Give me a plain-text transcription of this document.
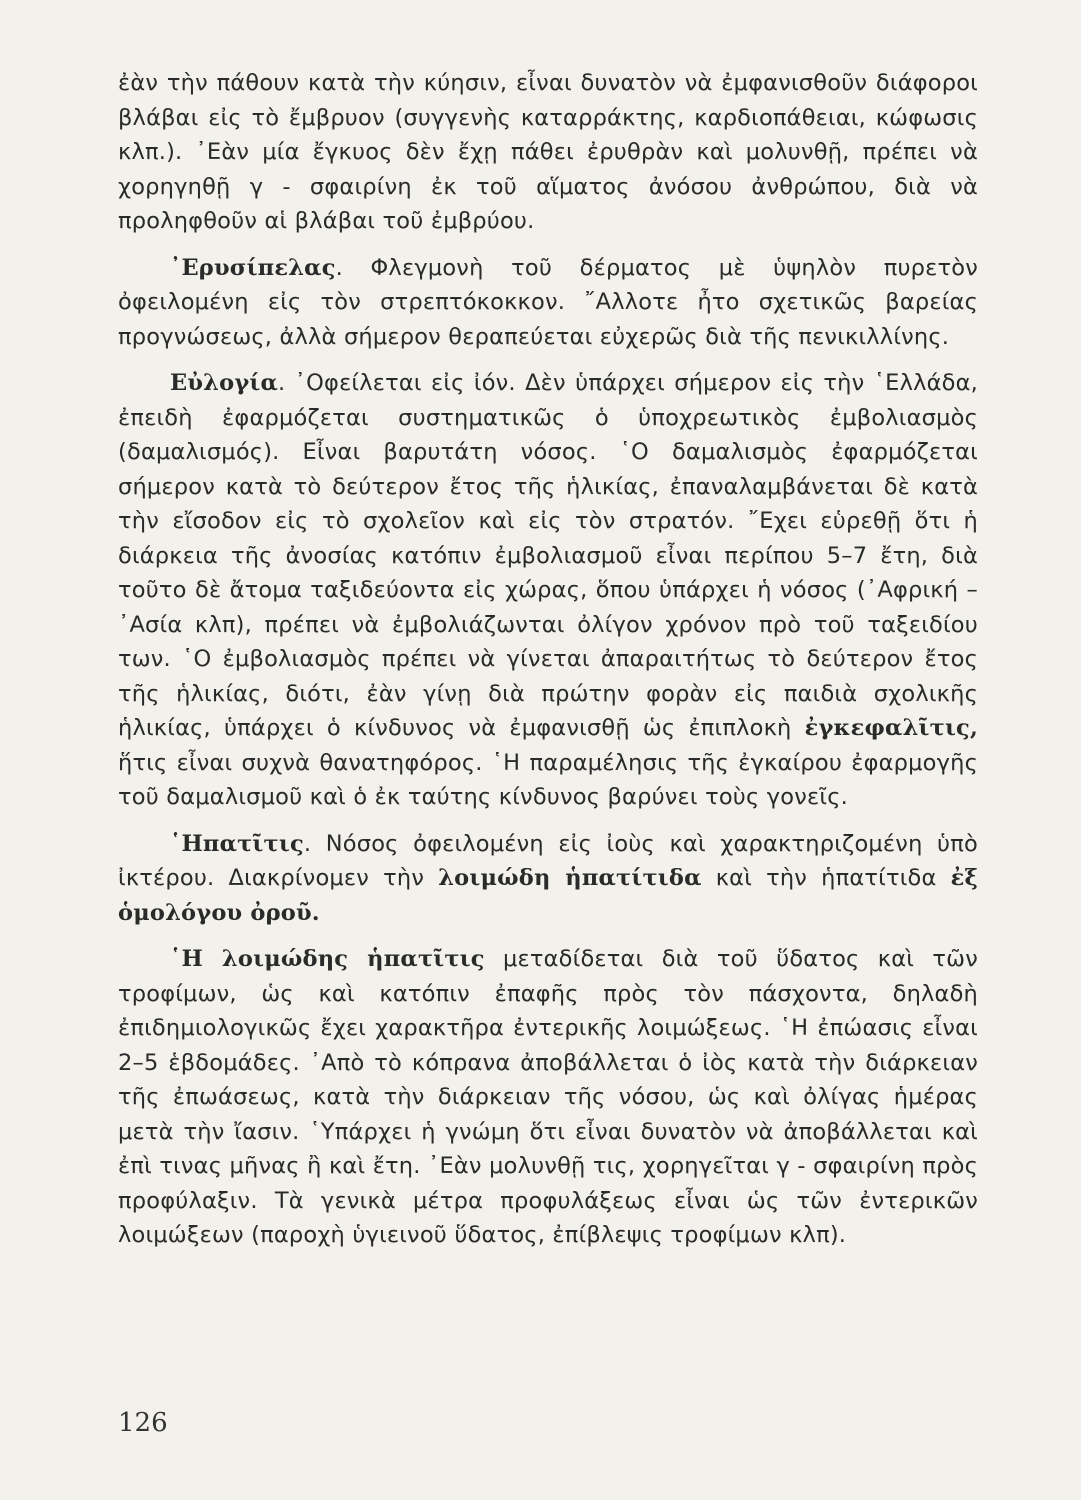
ἐὰν τὴν πάθουν κατὰ τὴν κύησιν, εἶναι δυνατὸν νὰ ἐμφανισθοῦν διάφοροι βλάβαι εἰς τὸ ἔμβρυον (συγγενὴς καταρράκτης, καρδιοπάθειαι, κώφωσις κλπ.). ᾿Εὰν μία ἔγκυος δὲν ἔχῃ πάθει ἐρυθρὰν καὶ μολυνθῇ, πρέπει νὰ χορηγηθῇ γ - σφαιρίνη ἐκ τοῦ αἵματος ἀνόσου ἀνθρώπου, διὰ νὰ προληφθοῦν αἱ βλάβαι τοῦ ἐμβρύου.

᾿Ερυσίπελας. Φλεγμονὴ τοῦ δέρματος μὲ ὑψηλὸν πυρετὸν ὀφειλομένη εἰς τὸν στρεπτόκοκκον. ῎Αλλοτε ἦτο σχετικῶς βαρείας προγνώσεως, ἀλλὰ σήμερον θεραπεύεται εὐχερῶς διὰ τῆς πενικιλλίνης.

Εὐλογία. ᾿Οφείλεται εἰς ἰόν. Δὲν ὑπάρχει σήμερον εἰς τὴν ῾Ελλάδα, ἐπειδὴ ἐφαρμόζεται συστηματικῶς ὁ ὑποχρεωτικὸς ἐμβολιασμὸς (δαμαλισμός). Εἶναι βαρυτάτη νόσος. ῾Ο δαμαλισμὸς ἐφαρμόζεται σήμερον κατὰ τὸ δεύτερον ἔτος τῆς ἡλικίας, ἐπαναλαμβάνεται δὲ κατὰ τὴν εἴσοδον εἰς τὸ σχολεῖον καὶ εἰς τὸν στρατόν. ῎Εχει εὑρεθῇ ὅτι ἡ διάρκεια τῆς ἀνοσίας κατόπιν ἐμβολιασμοῦ εἶναι περίπου 5–7 ἔτη, διὰ τοῦτο δὲ ἄτομα ταξιδεύοντα εἰς χώρας, ὅπου ὑπάρχει ἡ νόσος (᾿Αφρική – ᾿Ασία κλπ), πρέπει νὰ ἐμβολιάζωνται ὀλίγον χρόνον πρὸ τοῦ ταξειδίου των. ῾Ο ἐμβολιασμὸς πρέπει νὰ γίνεται ἀπαραιτήτως τὸ δεύτερον ἔτος τῆς ἡλικίας, διότι, ἐὰν γίνῃ διὰ πρώτην φορὰν εἰς παιδιὰ σχολικῆς ἡλικίας, ὑπάρχει ὁ κίνδυνος νὰ ἐμφανισθῇ ὡς ἐπιπλοκὴ ἐγκεφαλῖτις, ἥτις εἶναι συχνὰ θανατηφόρος. ῾Η παραμέλησις τῆς ἐγκαίρου ἐφαρμογῆς τοῦ δαμαλισμοῦ καὶ ὁ ἐκ ταύτης κίνδυνος βαρύνει τοὺς γονεῖς.

῾Ηπατῖτις. Νόσος ὀφειλομένη εἰς ἰοὺς καὶ χαρακτηριζομένη ὑπὸ ἰκτέρου. Διακρίνομεν τὴν λοιμώδη ἡπατίτιδα καὶ τὴν ἡπατίτιδα ἐξ ὁμολόγου ὀροῦ.

῾Η λοιμώδης ἡπατῖτις μεταδίδεται διὰ τοῦ ὕδατος καὶ τῶν τροφίμων, ὡς καὶ κατόπιν ἐπαφῆς πρὸς τὸν πάσχοντα, δηλαδὴ ἐπιδημιολογικῶς ἔχει χαρακτῆρα ἐντερικῆς λοιμώξεως. ῾Η ἐπώασις εἶναι 2–5 ἑβδομάδες. ᾿Απὸ τὸ κόπρανα ἀποβάλλεται ὁ ἰὸς κατὰ τὴν διάρκειαν τῆς ἐπωάσεως, κατὰ τὴν διάρκειαν τῆς νόσου, ὡς καὶ ὀλίγας ἡμέρας μετὰ τὴν ἴασιν. ῾Υπάρχει ἡ γνώμη ὅτι εἶναι δυνατὸν νὰ ἀποβάλλεται καὶ ἐπὶ τινας μῆνας ἢ καὶ ἔτη. ᾿Εὰν μολυνθῇ τις, χορηγεῖται γ - σφαιρίνη πρὸς προφύλαξιν. Τὰ γενικὰ μέτρα προφυλάξεως εἶναι ὡς τῶν ἐντερικῶν λοιμώξεων (παροχὴ ὑγιεινοῦ ὕδατος, ἐπίβλεψις τροφίμων κλπ).

126
